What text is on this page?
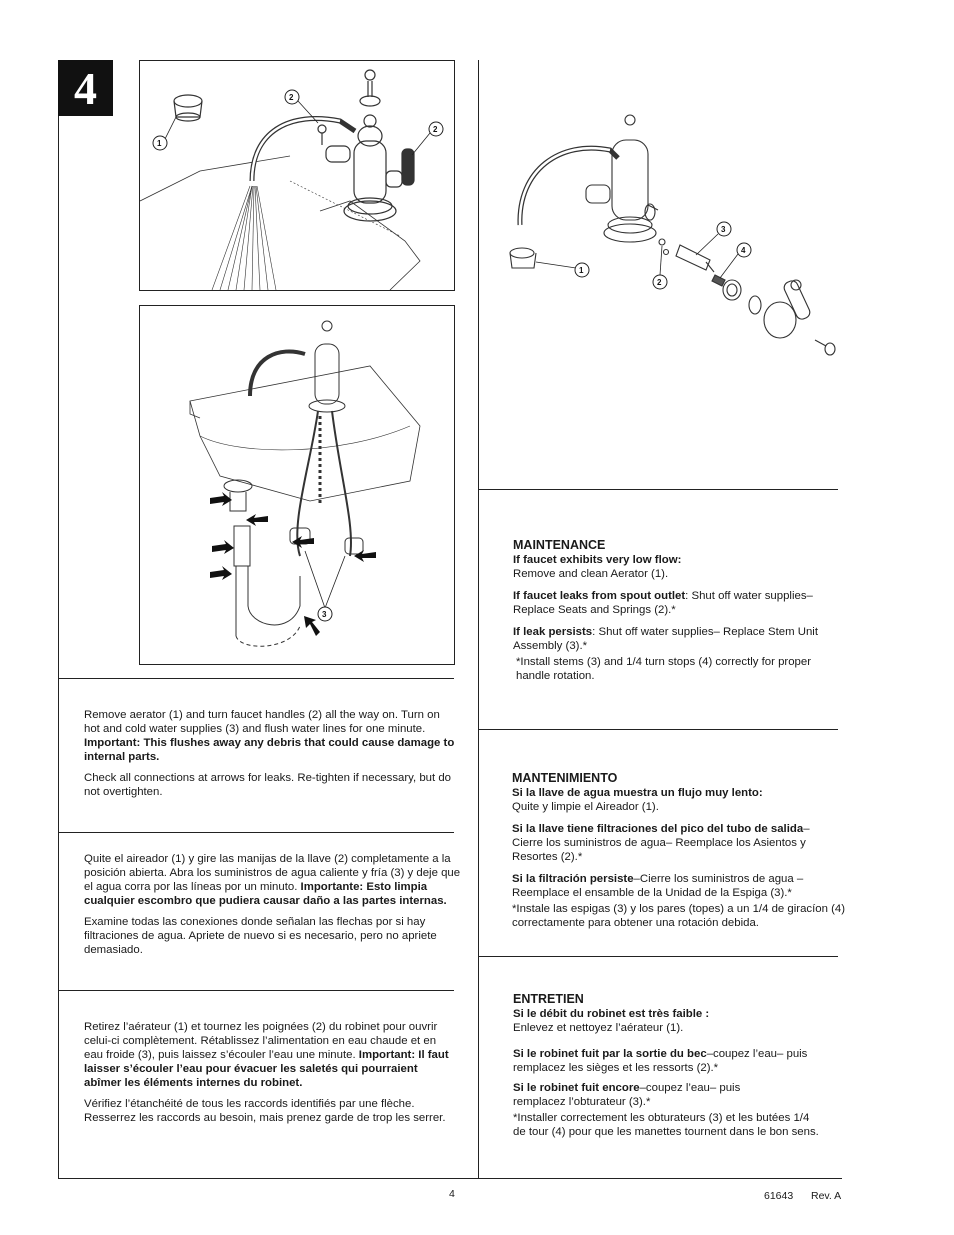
4
1
2
2
3
1
2
3
4

Remove aerator (1) and turn faucet handles (2) all the way on. Turn on hot and cold water supplies (3) and flush water lines for one minute. Important: This flushes away any debris that could cause damage to internal parts.

Check all connections at arrows for leaks. Re-tighten if necessary, but do not overtighten.

Quite el aireador (1) y gire las manijas de la llave (2) completamente a la posición abierta. Abra los suministros de agua caliente y fría (3) y deje que el agua corra por las líneas por un minuto. Importante: Esto limpia cualquier escombro que pudiera causar daño a las partes internas.

Examine todas las conexiones donde señalan las flechas por si hay filtraciones de agua. Apriete de nuevo si es necesario, pero no apriete demasiado.

Retirez l’aérateur (1) et tournez les poignées (2) du robinet pour ouvrir celui-ci complètement. Rétablissez l’alimentation en eau chaude et en eau froide (3), puis laissez s’écouler l’eau une minute. Important: Il faut laisser s’écouler l’eau pour évacuer les saletés qui pourraient abîmer les éléments internes du robinet.

Vérifiez l’étanchéité de tous les raccords identifiés par une flèche. Resserrez les raccords au besoin, mais prenez garde de trop les serrer.

MAINTENANCE

If faucet exhibits very low flow:
Remove and clean Aerator (1).

If faucet leaks from spout outlet: Shut off water supplies– Replace Seats and Springs (2).*

If leak persists: Shut off water supplies– Replace Stem Unit Assembly (3).*

*Install stems (3) and 1/4 turn stops (4) correctly for proper handle rotation.

MANTENIMIENTO

Si la llave de agua muestra un flujo muy lento:
Quite y limpie el Aireador (1).

Si la llave tiene filtraciones del pico del tubo de salida– Cierre los suministros de agua– Reemplace los Asientos y Resortes (2).*

Si la filtración persiste–Cierre los suministros de agua – Reemplace el ensamble de la Unidad de la Espiga (3).*

*Instale las espigas (3) y los pares (topes) a un 1/4 de giracíon (4) correctamente para obtener una rotación debida.

ENTRETIEN

Si le débit du robinet est très faible :
Enlevez et nettoyez l’aérateur (1).

Si le robinet fuit par la sortie du bec–coupez l’eau– puis remplacez les sièges et les ressorts (2).*

Si le robinet fuit encore–coupez l’eau– puis remplacez l’obturateur (3).*

*Installer correctement les obturateurs (3) et les butées 1/4 de tour (4) pour que les manettes tournent dans le bon sens.

4	61643 Rev. A
